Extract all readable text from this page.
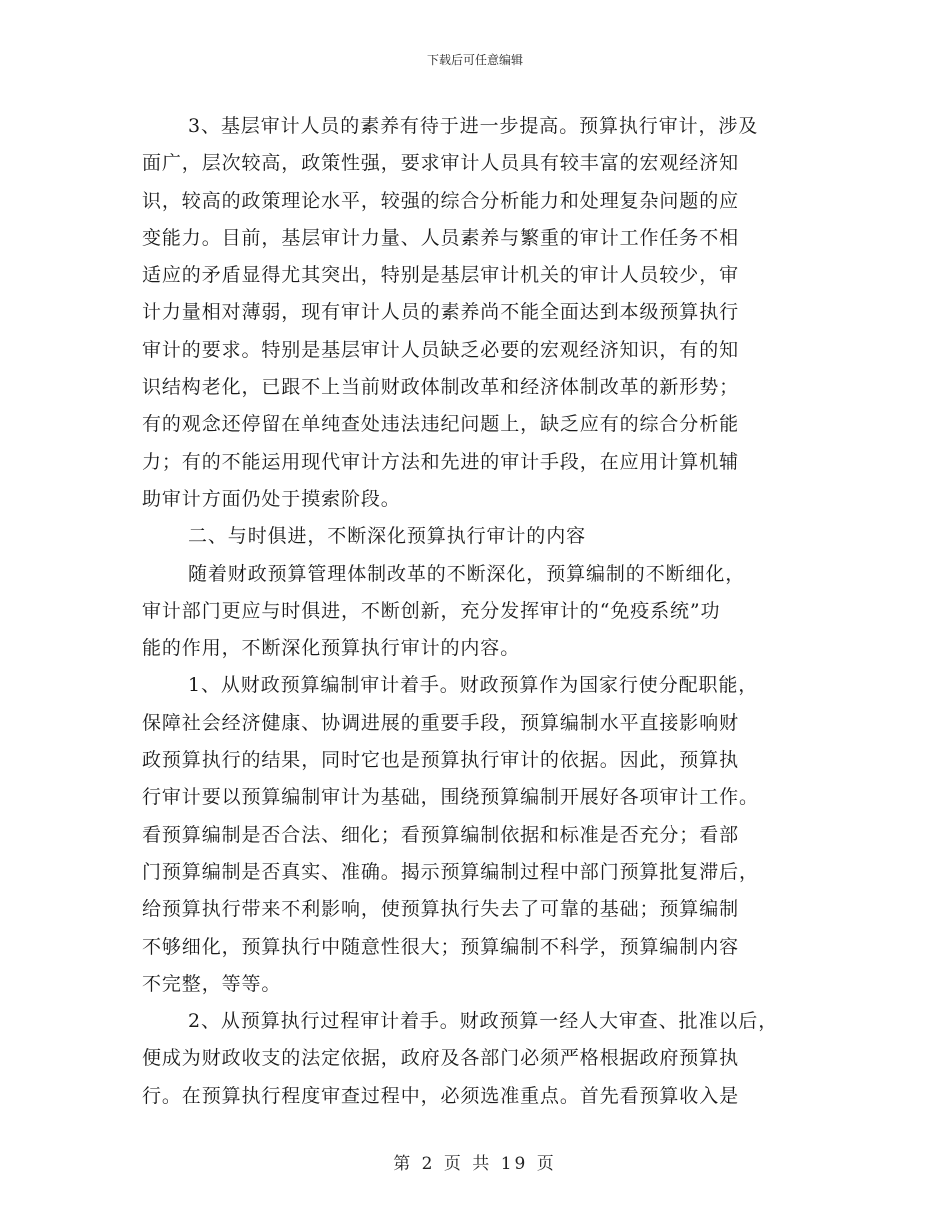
下载后可任意编辑
3、基层审计人员的素养有待于进一步提高。预算执行审计，涉及
面广，层次较高，政策性强，要求审计人员具有较丰富的宏观经济知
识，较高的政策理论水平，较强的综合分析能力和处理复杂问题的应
变能力。目前，基层审计力量、人员素养与繁重的审计工作任务不相
适应的矛盾显得尤其突出，特别是基层审计机关的审计人员较少，审
计力量相对薄弱，现有审计人员的素养尚不能全面达到本级预算执行
审计的要求。特别是基层审计人员缺乏必要的宏观经济知识，有的知
识结构老化，已跟不上当前财政体制改革和经济体制改革的新形势；
有的观念还停留在单纯查处违法违纪问题上，缺乏应有的综合分析能
力；有的不能运用现代审计方法和先进的审计手段，在应用计算机辅
助审计方面仍处于摸索阶段。
二、与时俱进，不断深化预算执行审计的内容
随着财政预算管理体制改革的不断深化，预算编制的不断细化，
审计部门更应与时俱进，不断创新，充分发挥审计的“免疫系统”功
能的作用，不断深化预算执行审计的内容。
1、从财政预算编制审计着手。财政预算作为国家行使分配职能，
保障社会经济健康、协调进展的重要手段，预算编制水平直接影响财
政预算执行的结果，同时它也是预算执行审计的依据。因此，预算执
行审计要以预算编制审计为基础，围绕预算编制开展好各项审计工作。
看预算编制是否合法、细化；看预算编制依据和标准是否充分；看部
门预算编制是否真实、准确。揭示预算编制过程中部门预算批复滞后，
给预算执行带来不利影响，使预算执行失去了可靠的基础；预算编制
不够细化，预算执行中随意性很大；预算编制不科学，预算编制内容
不完整，等等。
2、从预算执行过程审计着手。财政预算一经人大审查、批准以后，
便成为财政收支的法定依据，政府及各部门必须严格根据政府预算执
行。在预算执行程度审查过程中，必须选准重点。首先看预算收入是
第 2 页 共 19 页
